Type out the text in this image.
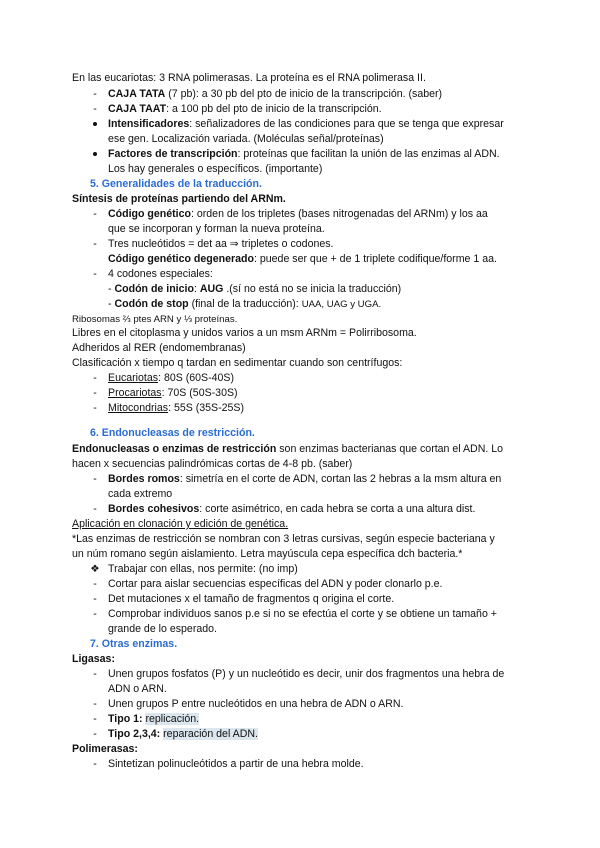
En las eucariotas: 3 RNA polimerasas. La proteína es el RNA polimerasa II.
-	CAJA TATA (7 pb): a 30 pb del pto de inicio de la transcripción. (saber)
-	CAJA TAAT: a 100 pb del pto de inicio de la transcripción.
Intensificadores: señalizadores de las condiciones para que se tenga que expresar
ese gen. Localización variada. (Moléculas señal/proteínas)
Factores de transcripción: proteínas que facilitan la unión de las enzimas al ADN.
Los hay generales o específicos. (importante)
5. Generalidades de la traducción.
Síntesis de proteínas partiendo del ARNm.
-	Código genético: orden de los tripletes (bases nitrogenadas del ARNm) y los aa
que se incorporan y forman la nueva proteína.
-	Tres nucleótidos = det aa ⇒ tripletes o codones.
Código genético degenerado: puede ser que + de 1 triplete codifique/forme 1 aa.
-	4 codones especiales:
- Codón de inicio: AUG .(sí no está no se inicia la traducción)
- Codón de stop (final de la traducción): UAA, UAG y UGA.
Ribosomas ⅔ ptes ARN y ⅓ proteínas.
Libres en el citoplasma y unidos varios a un msm ARNm = Polirribosoma.
Adheridos al RER (endomembranas)
Clasificación x tiempo q tardan en sedimentar cuando son centrífugos:
-	Eucariotas: 80S (60S-40S)
-	Procariotas: 70S (50S-30S)
-	Mitocondrias: 55S (35S-25S)
6. Endonucleasas de restricción.
Endonucleasas o enzimas de restricción son enzimas bacterianas que cortan el ADN. Lo
hacen x secuencias palindrómicas cortas de 4-8 pb. (saber)
-	Bordes romos: simetría en el corte de ADN, cortan las 2 hebras a la msm altura en
cada extremo
-	Bordes cohesivos: corte asimétrico, en cada hebra se corta a una altura dist.
Aplicación en clonación y edición de genética.
*Las enzimas de restricción se nombran con 3 letras cursivas, según especie bacteriana y
un núm romano según aislamiento. Letra mayúscula cepa específica dch bacteria.*
❖ Trabajar con ellas, nos permite: (no imp)
-	Cortar para aislar secuencias específicas del ADN y poder clonarlo p.e.
-	Det mutaciones x el tamaño de fragmentos q origina el corte.
-	Comprobar individuos sanos p.e si no se efectúa el corte y se obtiene un tamaño +
grande de lo esperado.
7. Otras enzimas.
Ligasas:
-	Unen grupos fosfatos (P) y un nucleótido es decir, unir dos fragmentos una hebra de
ADN o ARN.
-	Unen grupos P entre nucleótidos en una hebra de ADN o ARN.
-	Tipo 1: replicación.
-	Tipo 2,3,4: reparación del ADN.
Polimerasas:
-	Sintetizan polinucleótidos a partir de una hebra molde.
